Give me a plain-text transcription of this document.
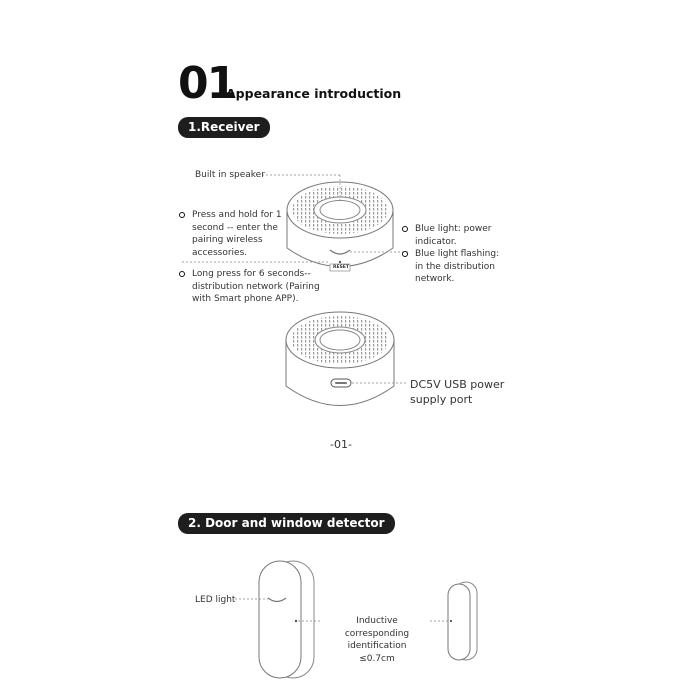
01
Appearance introduction
1.Receiver
Built in speaker
Press and hold for 1 second -- enter the pairing wireless accessories.
Long press for 6 seconds-- distribution network (Pairing with Smart phone APP).
Blue light: power indicator.
Blue light flashing: in the distribution network.
RESET
DC5V USB power supply port
-01-
2. Door and window detector
LED light
Inductive corresponding
identification
≤0.7cm
